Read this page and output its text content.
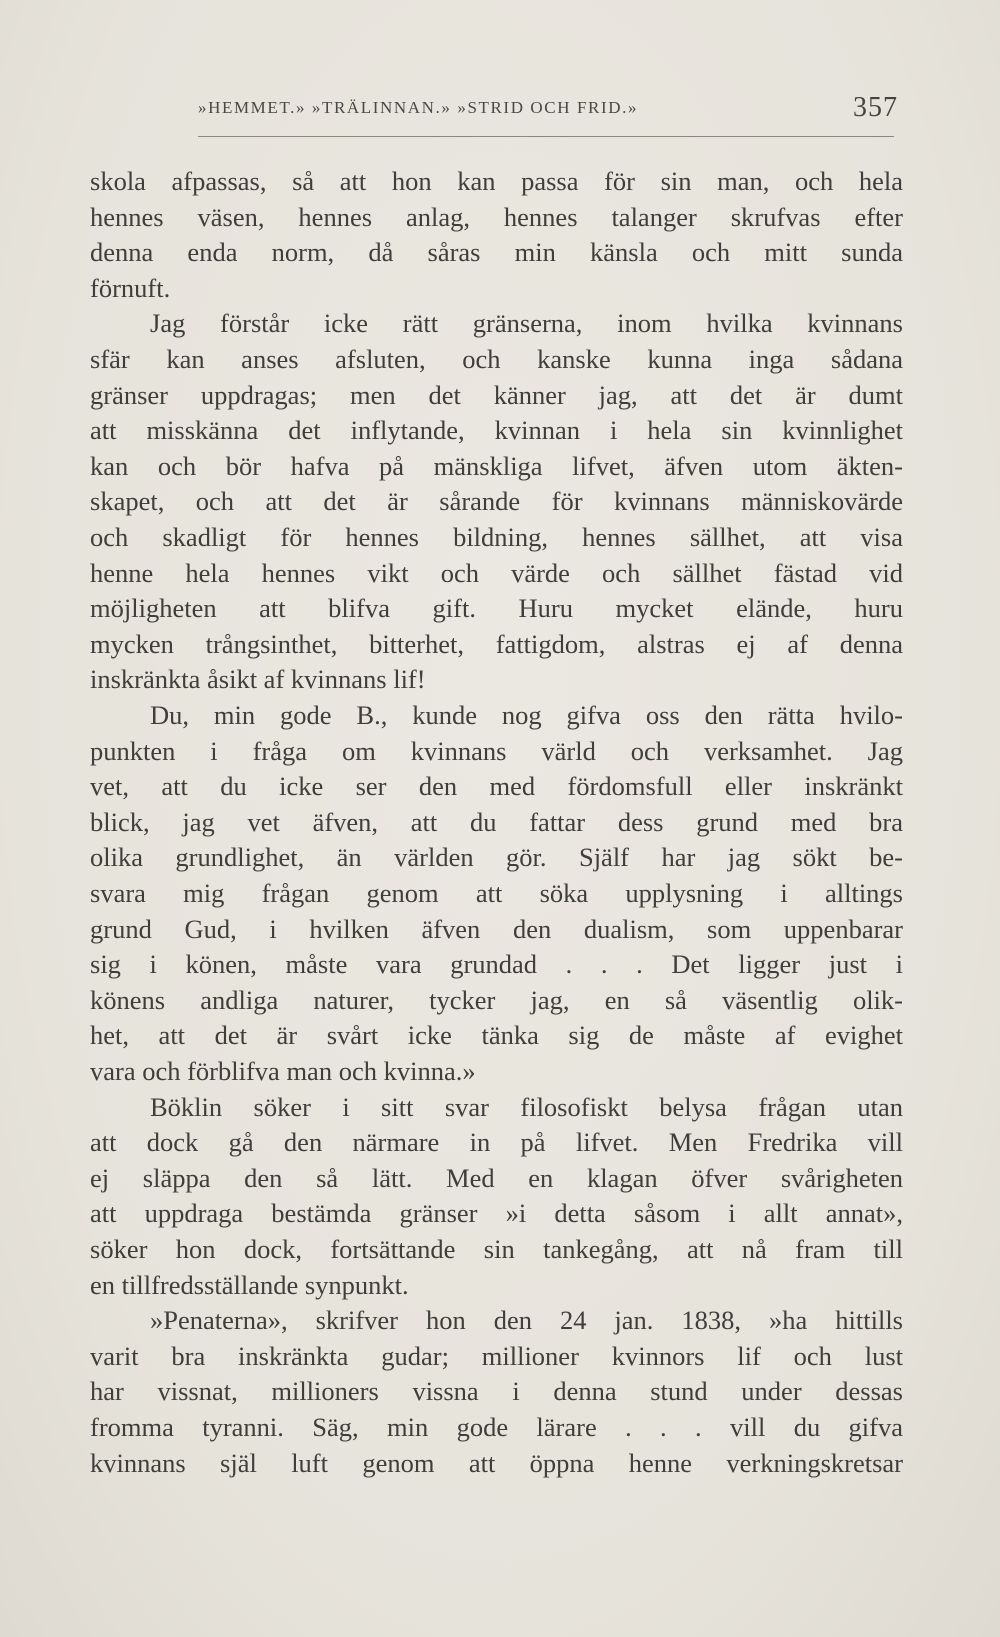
»HEMMET.» »TRÄLINNAN.» »STRID OCH FRID.»	357
skola afpassas, så att hon kan passa för sin man, och hela
hennes väsen, hennes anlag, hennes talanger skrufvas efter
denna enda norm, då såras min känsla och mitt sunda
förnuft.
Jag förstår icke rätt gränserna, inom hvilka kvinnans
sfär kan anses afsluten, och kanske kunna inga sådana
gränser uppdragas; men det känner jag, att det är dumt
att misskänna det inflytande, kvinnan i hela sin kvinnlighet
kan och bör hafva på mänskliga lifvet, äfven utom äkten-
skapet, och att det är sårande för kvinnans människovärde
och skadligt för hennes bildning, hennes sällhet, att visa
henne hela hennes vikt och värde och sällhet fästad vid
möjligheten att blifva gift. Huru mycket elände, huru
mycken trångsinthet, bitterhet, fattigdom, alstras ej af denna
inskränkta åsikt af kvinnans lif!
Du, min gode B., kunde nog gifva oss den rätta hvilo-
punkten i fråga om kvinnans värld och verksamhet. Jag
vet, att du icke ser den med fördomsfull eller inskränkt
blick, jag vet äfven, att du fattar dess grund med bra
olika grundlighet, än världen gör. Själf har jag sökt be-
svara mig frågan genom att söka upplysning i alltings
grund Gud, i hvilken äfven den dualism, som uppenbarar
sig i könen, måste vara grundad . . . Det ligger just i
könens andliga naturer, tycker jag, en så väsentlig olik-
het, att det är svårt icke tänka sig de måste af evighet
vara och förblifva man och kvinna.»
Böklin söker i sitt svar filosofiskt belysa frågan utan
att dock gå den närmare in på lifvet. Men Fredrika vill
ej släppa den så lätt. Med en klagan öfver svårigheten
att uppdraga bestämda gränser »i detta såsom i allt annat»,
söker hon dock, fortsättande sin tankegång, att nå fram till
en tillfredsställande synpunkt.
»Penaterna», skrifver hon den 24 jan. 1838, »ha hittills
varit bra inskränkta gudar; millioner kvinnors lif och lust
har vissnat, millioners vissna i denna stund under dessas
fromma tyranni. Säg, min gode lärare . . . vill du gifva
kvinnans själ luft genom att öppna henne verkningskretsar
